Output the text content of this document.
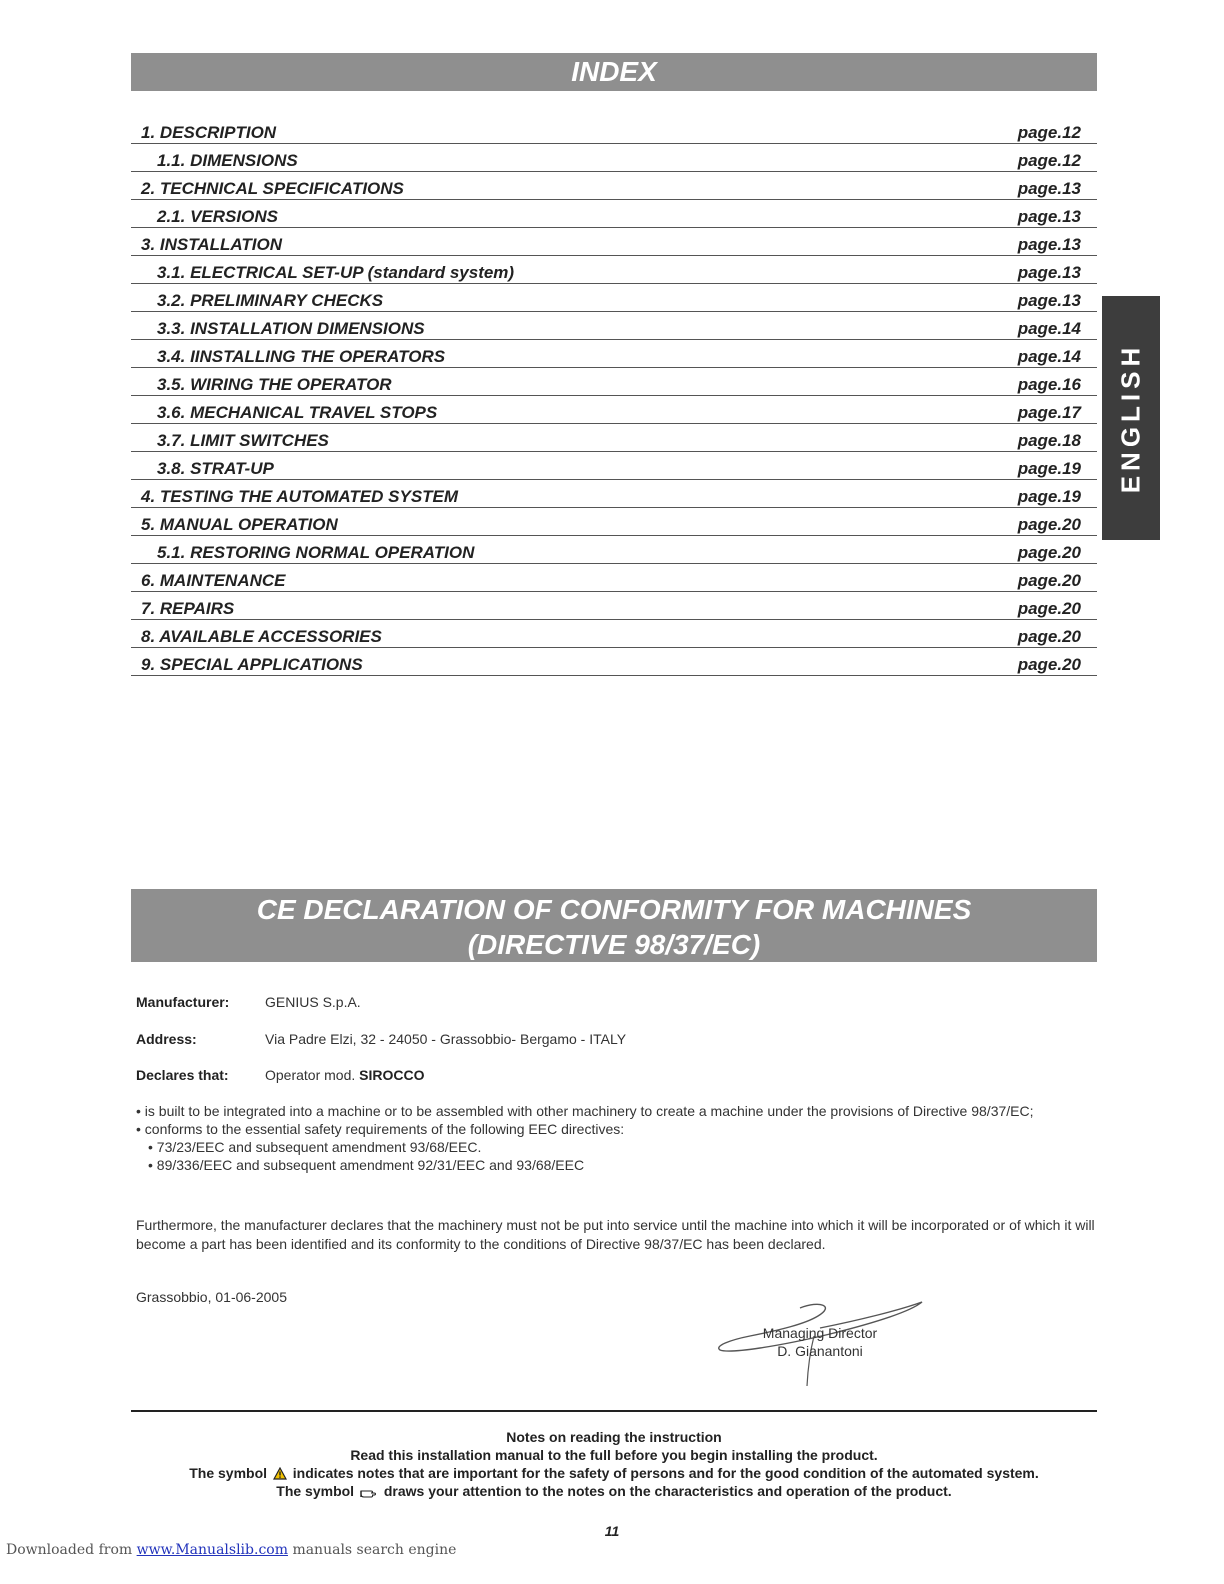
INDEX
1. DESCRIPTION	page.12
1.1. DIMENSIONS	page.12
2. TECHNICAL SPECIFICATIONS	page.13
2.1. VERSIONS	page.13
3. INSTALLATION	page.13
3.1. ELECTRICAL SET-UP (standard system)	page.13
3.2. PRELIMINARY CHECKS	page.13
3.3. INSTALLATION DIMENSIONS	page.14
3.4. IINSTALLING THE OPERATORS	page.14
3.5. WIRING THE OPERATOR	page.16
3.6. MECHANICAL TRAVEL STOPS	page.17
3.7. LIMIT SWITCHES	page.18
3.8. STRAT-UP	page.19
4. TESTING THE AUTOMATED SYSTEM	page.19
5. MANUAL OPERATION	page.20
5.1. RESTORING NORMAL OPERATION	page.20
6. MAINTENANCE	page.20
7. REPAIRS	page.20
8. AVAILABLE ACCESSORIES	page.20
9. SPECIAL APPLICATIONS	page.20
ENGLISH
CE DECLARATION OF CONFORMITY FOR MACHINES
(DIRECTIVE 98/37/EC)
Manufacturer:	GENIUS S.p.A.
Address:	Via Padre Elzi, 32 - 24050 - Grassobbio- Bergamo - ITALY
Declares that:	Operator mod. SIROCCO
• is built to be integrated into a machine or to be assembled with other machinery to create a machine under the provisions of Directive 98/37/EC;
• conforms to the essential safety requirements of the following EEC directives:
• 73/23/EEC and subsequent amendment 93/68/EEC.
• 89/336/EEC and subsequent amendment 92/31/EEC and 93/68/EEC
Furthermore, the manufacturer declares that the machinery must not be put into service until the machine into which it will be incorporated or of which it will become a part has been identified and its conformity to the conditions of Directive 98/37/EC has been declared.
Grassobbio, 01-06-2005
Managing Director
D. Gianantoni
Notes on reading the instruction
Read this installation manual to the full before you begin installing the product.
The symbol indicates notes that are important for the safety of persons and for the good condition of the automated system.
The symbol draws your attention to the notes on the characteristics and operation of the product.
11
Downloaded from www.Manualslib.com manuals search engine
